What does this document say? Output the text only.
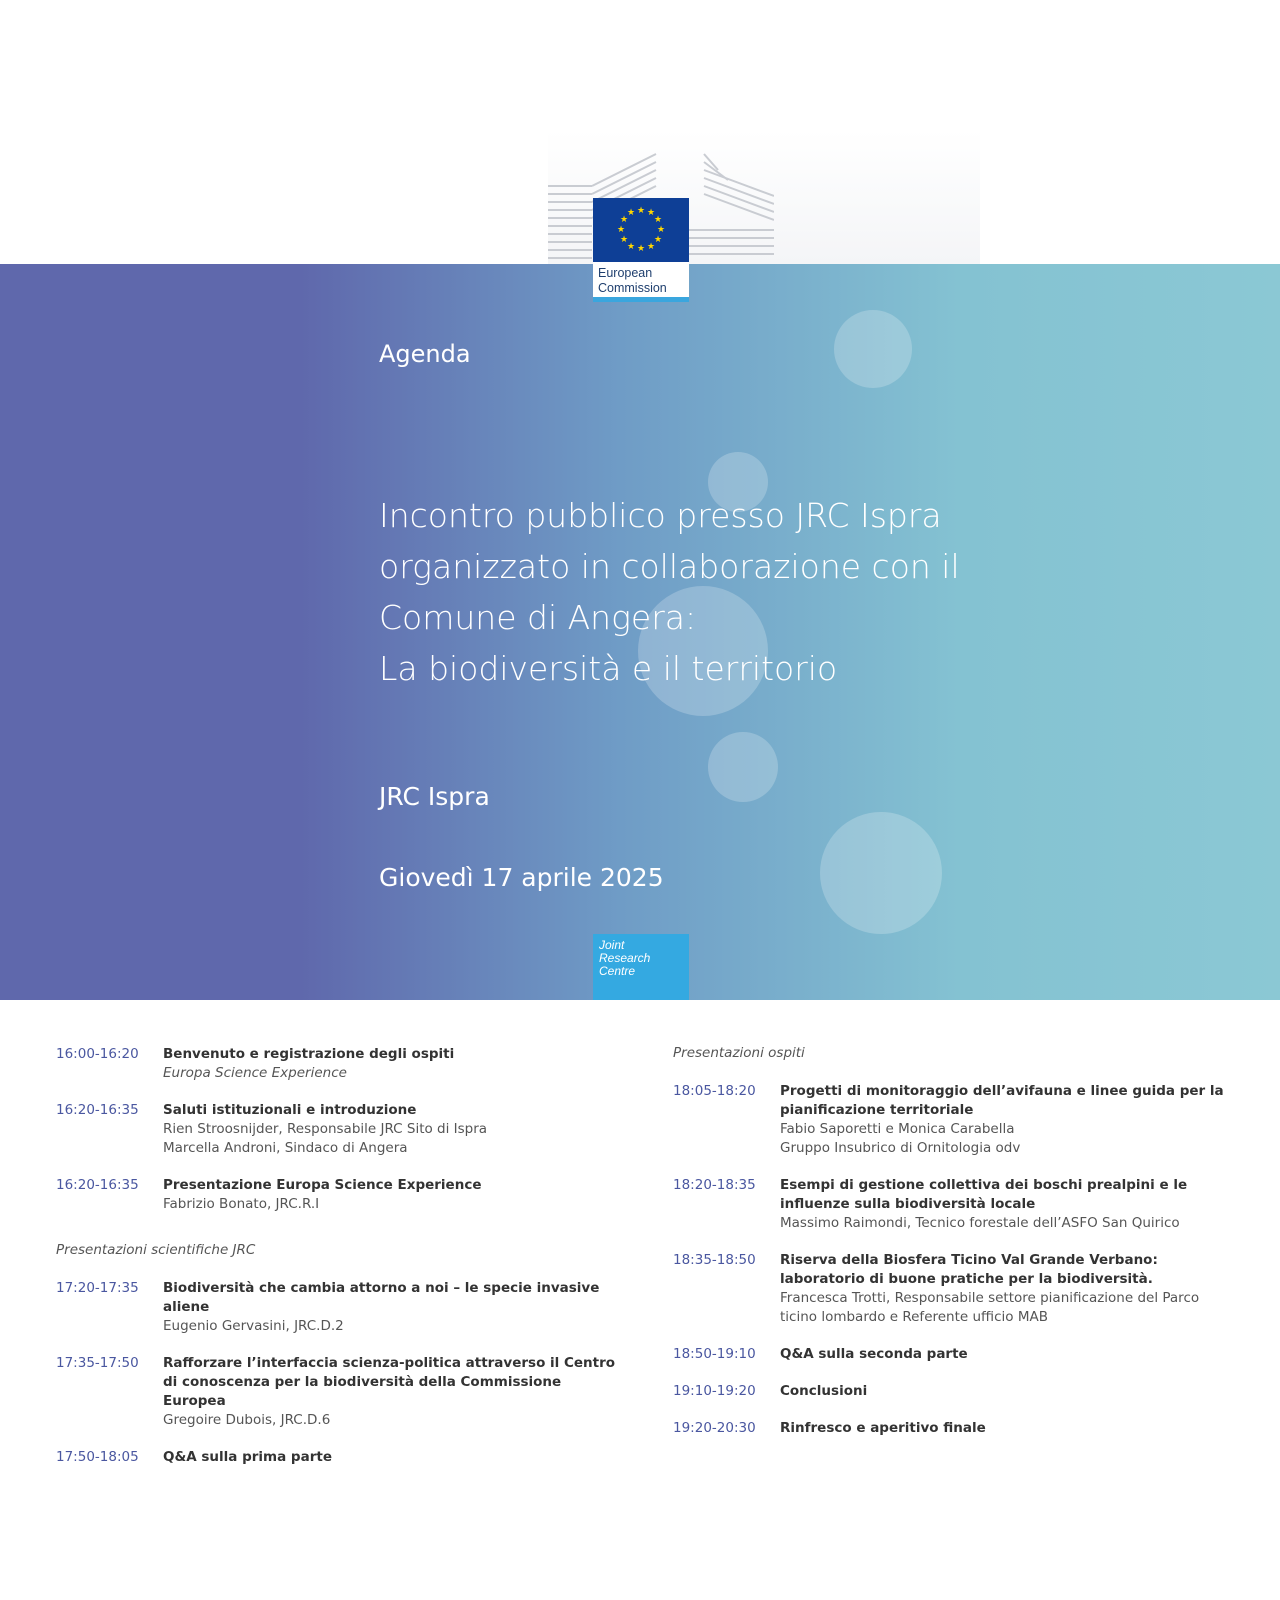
★ ★
★
★
★
★
★
★
★
★
★
★
European
Commission
Agenda
Incontro pubblico presso JRC Ispra
organizzato in collaborazione con il
Comune di Angera:
La biodiversità e il territorio
JRC Ispra
Giovedì 17 aprile 2025
Joint
Research
Centre
16:00-16:20	Benvenuto e registrazione degli ospiti
Europa Science Experience
16:20-16:35	Saluti istituzionali e introduzione
Rien Stroosnijder, Responsabile JRC Sito di Ispra
Marcella Androni, Sindaco di Angera
16:20-16:35	Presentazione Europa Science Experience
Fabrizio Bonato, JRC.R.I
Presentazioni scientifiche JRC
17:20-17:35	Biodiversità che cambia attorno a noi – le specie invasive aliene
Eugenio Gervasini, JRC.D.2
17:35-17:50	Rafforzare l’interfaccia scienza-politica attraverso il Centro di conoscenza per la biodiversità della Commissione Europea
Gregoire Dubois, JRC.D.6
17:50-18:05	Q&A sulla prima parte
Presentazioni ospiti
18:05-18:20	Progetti di monitoraggio dell’avifauna e linee guida per la pianificazione territoriale
Fabio Saporetti e Monica Carabella
Gruppo Insubrico di Ornitologia odv
18:20-18:35	Esempi di gestione collettiva dei boschi prealpini e le influenze sulla biodiversità locale
Massimo Raimondi, Tecnico forestale dell’ASFO San Quirico
18:35-18:50	Riserva della Biosfera Ticino Val Grande Verbano: laboratorio di buone pratiche per la biodiversità.
Francesca Trotti, Responsabile settore pianificazione del Parco ticino lombardo e Referente ufficio MAB
18:50-19:10	Q&A sulla seconda parte
19:10-19:20	Conclusioni
19:20-20:30	Rinfresco e aperitivo finale
